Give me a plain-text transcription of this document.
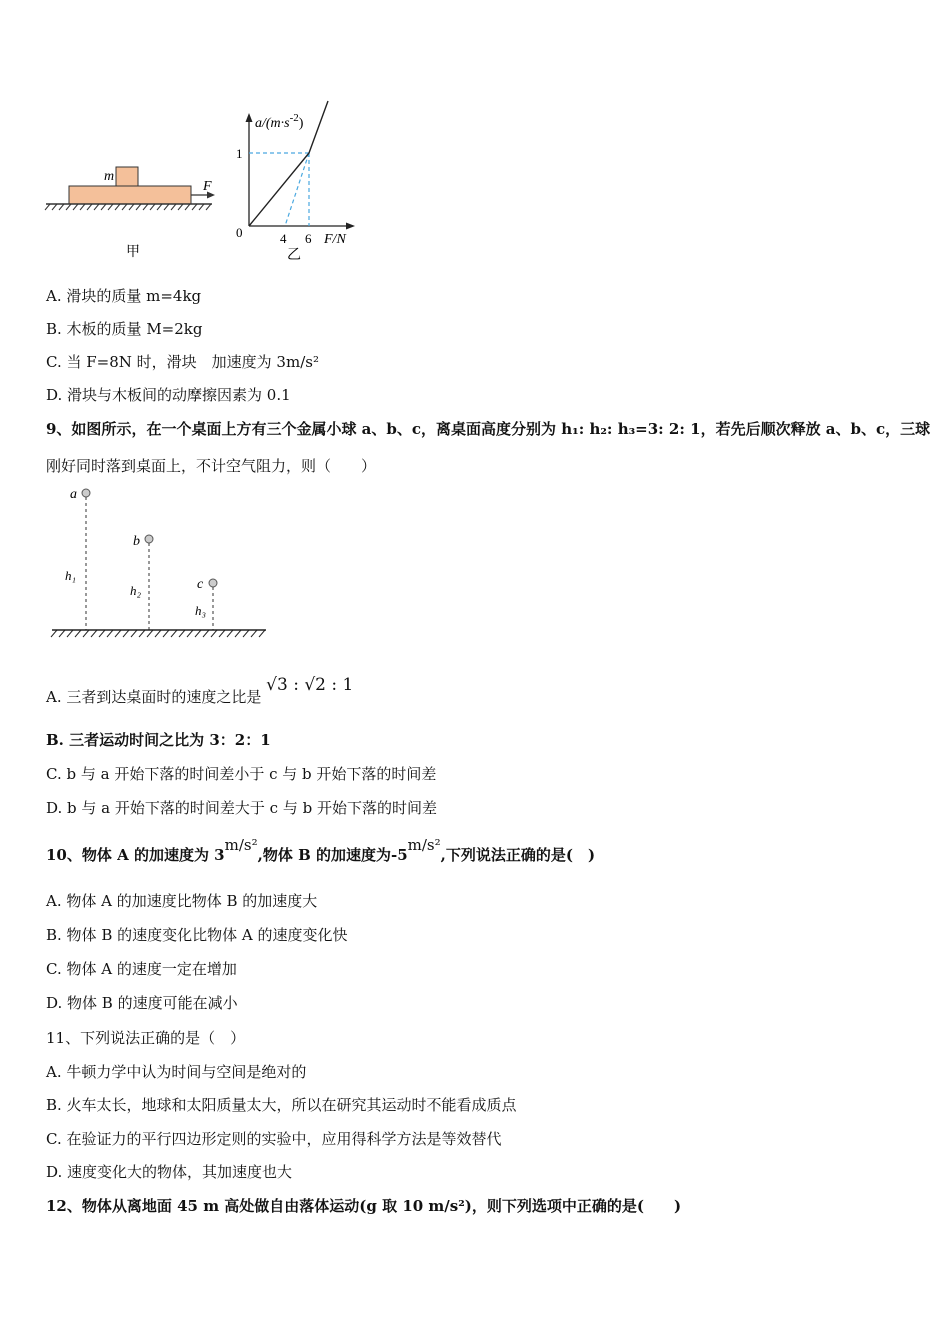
m
F
甲
$a/(m\cdot s^{-2})$
1
0	4 6 F/N
乙
A. 滑块的质量 m=4kg
B. 木板的质量 M=2kg
C. 当 F=8N 时，滑块　加速度为 3m/s²
D. 滑块与木板间的动摩擦因素为 0.1
9、如图所示，在一个桌面上方有三个金属小球 a、b、c，离桌面高度分别为 h₁: h₂: h₃=3: 2: 1，若先后顺次释放 a、b、c，三球
刚好同时落到桌面上，不计空气阻力，则（　　）
a
b
c
h₁
h₂
h₃
A. 三者到达桌面时的速度之比是 √3 : √2 : 1
B. 三者运动时间之比为 3：2：1
C. b 与 a 开始下落的时间差小于 c 与 b 开始下落的时间差
D. b 与 a 开始下落的时间差大于 c 与 b 开始下落的时间差
10、物体 A 的加速度为 3m/s²,物体 B 的加速度为-5m/s²,下列说法正确的是(　)
A. 物体 A 的加速度比物体 B 的加速度大
B. 物体 B 的速度变化比物体 A 的速度变化快
C. 物体 A 的速度一定在增加
D. 物体 B 的速度可能在减小
11、下列说法正确的是（　）
A. 牛顿力学中认为时间与空间是绝对的
B. 火车太长，地球和太阳质量太大，所以在研究其运动时不能看成质点
C. 在验证力的平行四边形定则的实验中，应用得科学方法是等效替代
D. 速度变化大的物体，其加速度也大
12、物体从离地面 45 m 高处做自由落体运动(g 取 10 m/s²)，则下列选项中正确的是(　　)
